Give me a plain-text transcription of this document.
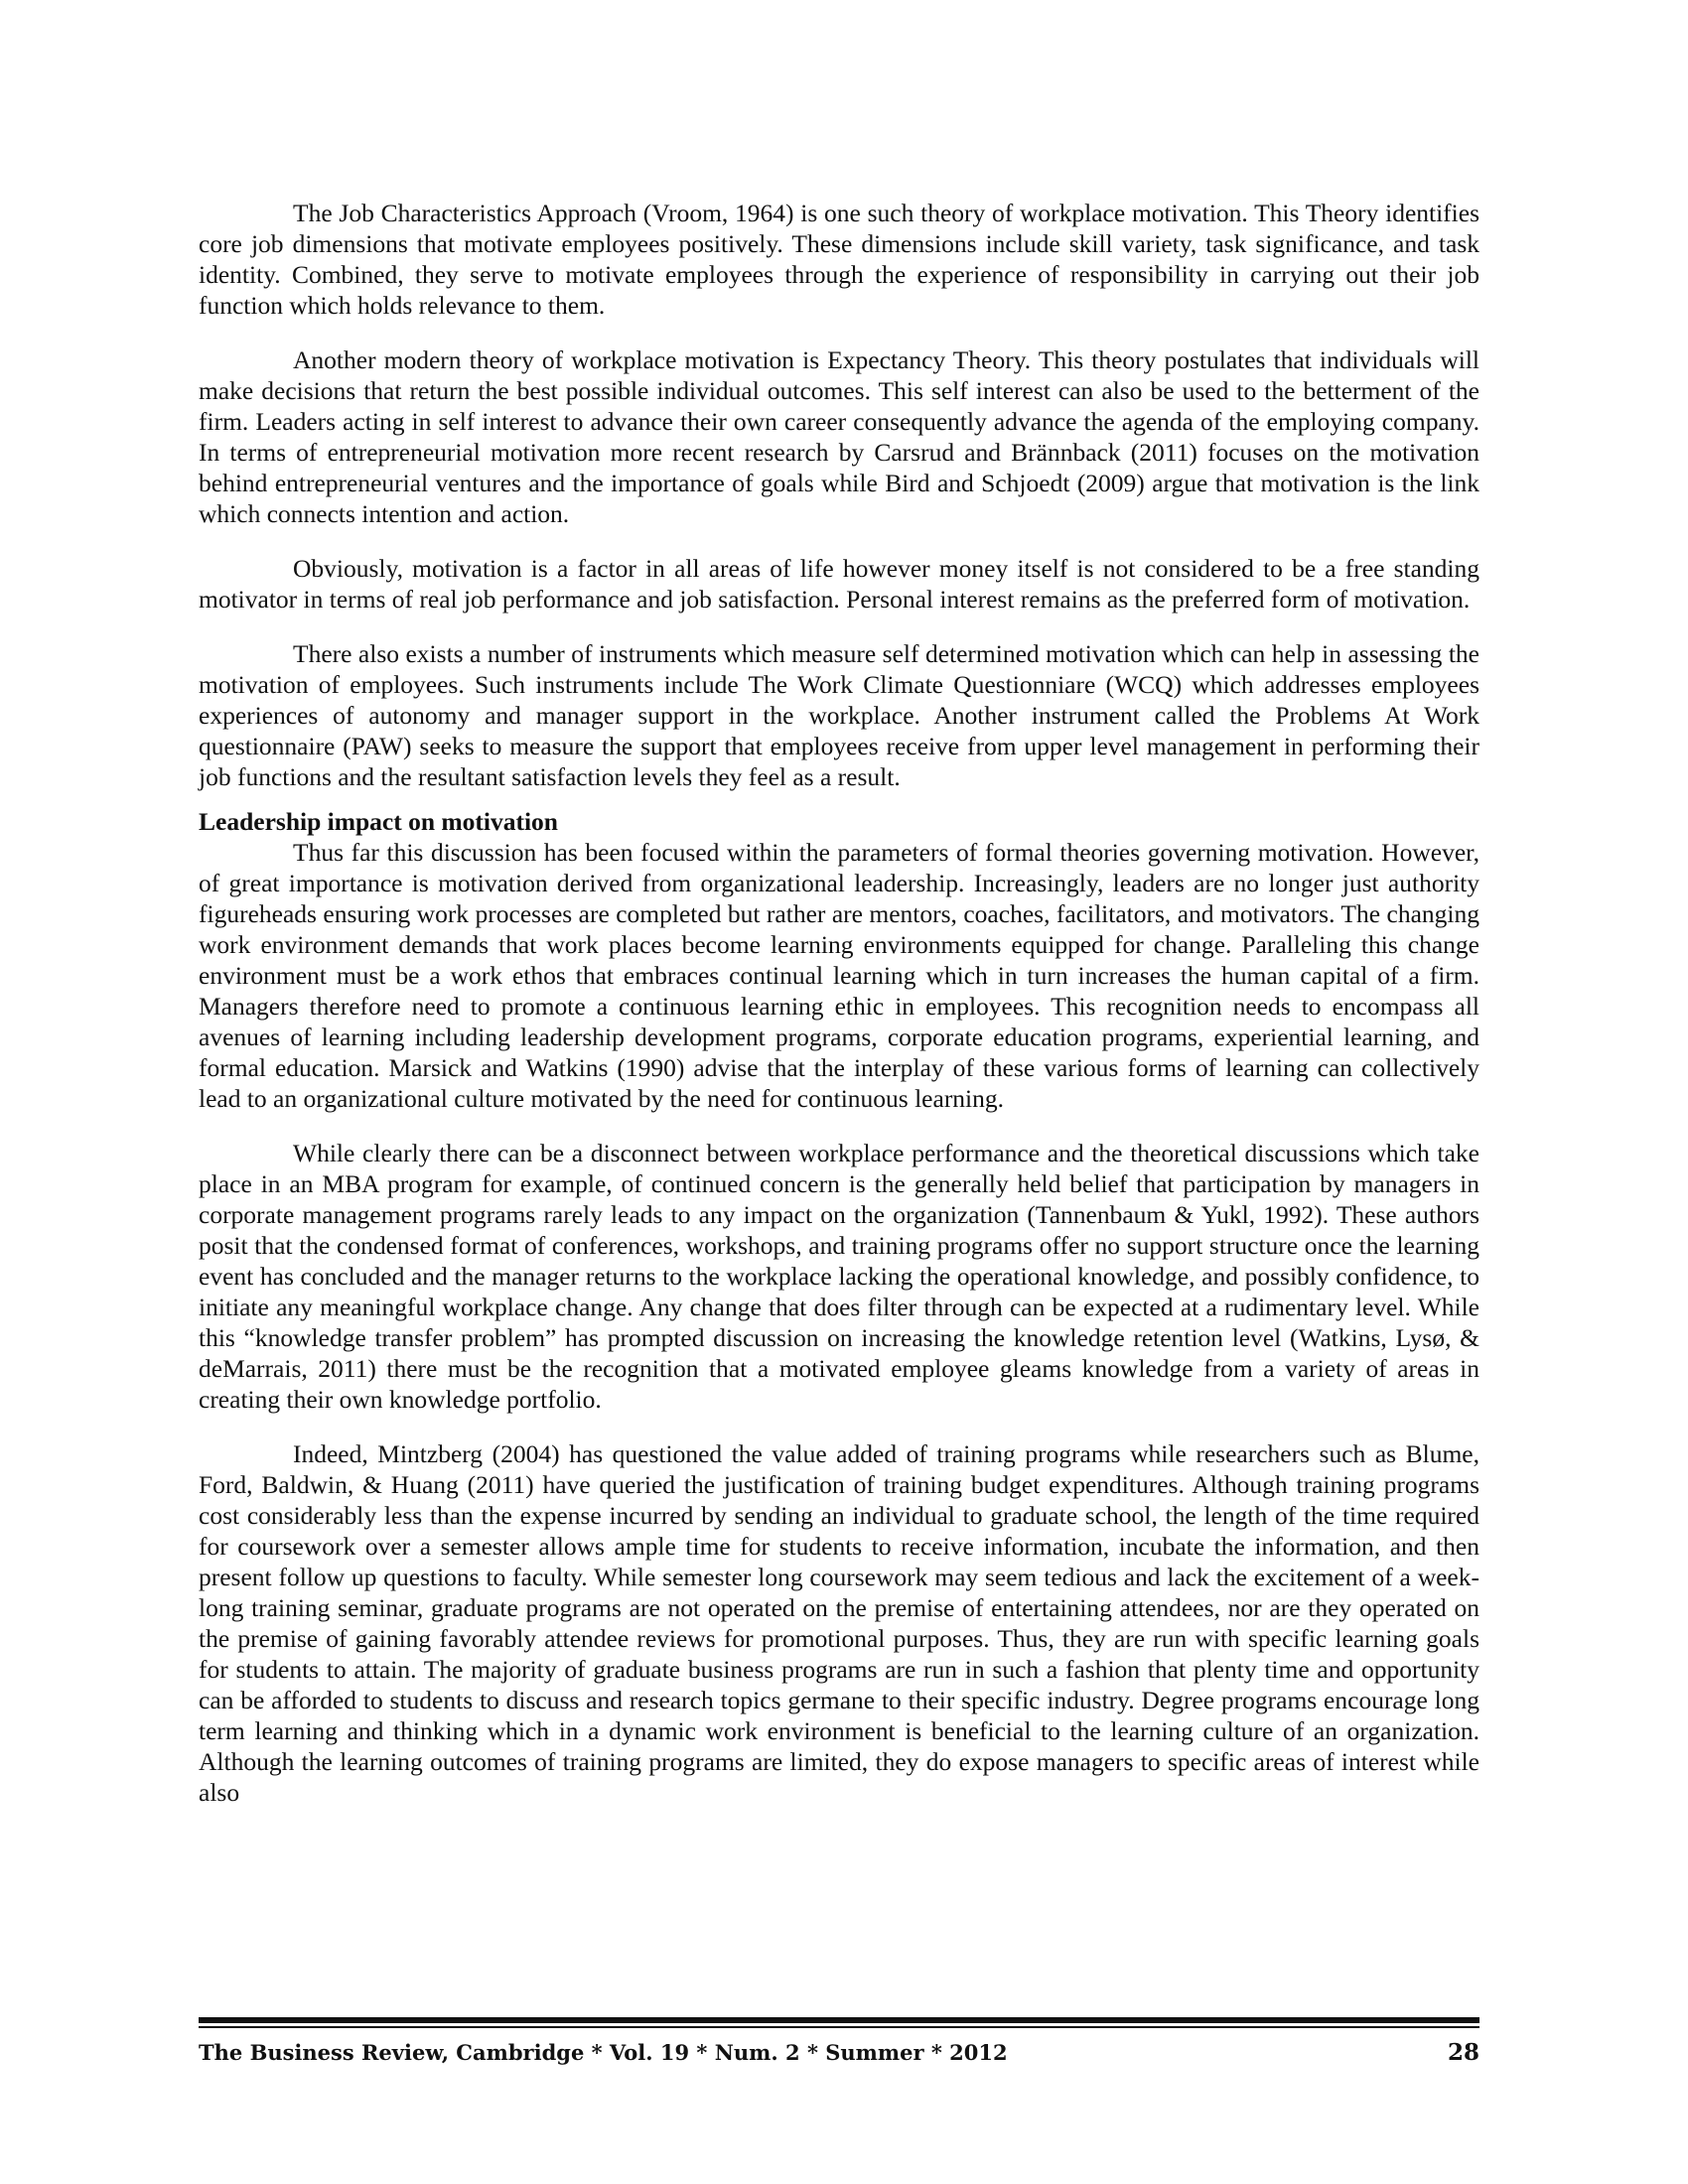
The Job Characteristics Approach (Vroom, 1964) is one such theory of workplace motivation. This Theory identifies core job dimensions that motivate employees positively. These dimensions include skill variety, task significance, and task identity. Combined, they serve to motivate employees through the experience of responsibility in carrying out their job function which holds relevance to them.

Another modern theory of workplace motivation is Expectancy Theory. This theory postulates that individuals will make decisions that return the best possible individual outcomes. This self interest can also be used to the betterment of the firm. Leaders acting in self interest to advance their own career consequently advance the agenda of the employing company. In terms of entrepreneurial motivation more recent research by Carsrud and Brännback (2011) focuses on the motivation behind entrepreneurial ventures and the importance of goals while Bird and Schjoedt (2009) argue that motivation is the link which connects intention and action.

Obviously, motivation is a factor in all areas of life however money itself is not considered to be a free standing motivator in terms of real job performance and job satisfaction. Personal interest remains as the preferred form of motivation.

There also exists a number of instruments which measure self determined motivation which can help in assessing the motivation of employees. Such instruments include The Work Climate Questionniare (WCQ) which addresses employees experiences of autonomy and manager support in the workplace. Another instrument called the Problems At Work questionnaire (PAW) seeks to measure the support that employees receive from upper level management in performing their job functions and the resultant satisfaction levels they feel as a result.

Leadership impact on motivation

Thus far this discussion has been focused within the parameters of formal theories governing motivation. However, of great importance is motivation derived from organizational leadership. Increasingly, leaders are no longer just authority figureheads ensuring work processes are completed but rather are mentors, coaches, facilitators, and motivators. The changing work environment demands that work places become learning environments equipped for change. Paralleling this change environment must be a work ethos that embraces continual learning which in turn increases the human capital of a firm. Managers therefore need to promote a continuous learning ethic in employees. This recognition needs to encompass all avenues of learning including leadership development programs, corporate education programs, experiential learning, and formal education. Marsick and Watkins (1990) advise that the interplay of these various forms of learning can collectively lead to an organizational culture motivated by the need for continuous learning.

While clearly there can be a disconnect between workplace performance and the theoretical discussions which take place in an MBA program for example, of continued concern is the generally held belief that participation by managers in corporate management programs rarely leads to any impact on the organization (Tannenbaum & Yukl, 1992). These authors posit that the condensed format of conferences, workshops, and training programs offer no support structure once the learning event has concluded and the manager returns to the workplace lacking the operational knowledge, and possibly confidence, to initiate any meaningful workplace change. Any change that does filter through can be expected at a rudimentary level. While this “knowledge transfer problem” has prompted discussion on increasing the knowledge retention level (Watkins, Lysø, & deMarrais, 2011) there must be the recognition that a motivated employee gleams knowledge from a variety of areas in creating their own knowledge portfolio.

Indeed, Mintzberg (2004) has questioned the value added of training programs while researchers such as Blume, Ford, Baldwin, & Huang (2011) have queried the justification of training budget expenditures. Although training programs cost considerably less than the expense incurred by sending an individual to graduate school, the length of the time required for coursework over a semester allows ample time for students to receive information, incubate the information, and then present follow up questions to faculty. While semester long coursework may seem tedious and lack the excitement of a week-long training seminar, graduate programs are not operated on the premise of entertaining attendees, nor are they operated on the premise of gaining favorably attendee reviews for promotional purposes. Thus, they are run with specific learning goals for students to attain. The majority of graduate business programs are run in such a fashion that plenty time and opportunity can be afforded to students to discuss and research topics germane to their specific industry. Degree programs encourage long term learning and thinking which in a dynamic work environment is beneficial to the learning culture of an organization. Although the learning outcomes of training programs are limited, they do expose managers to specific areas of interest while also

The Business Review, Cambridge * Vol. 19 * Num. 2 * Summer * 2012	28
